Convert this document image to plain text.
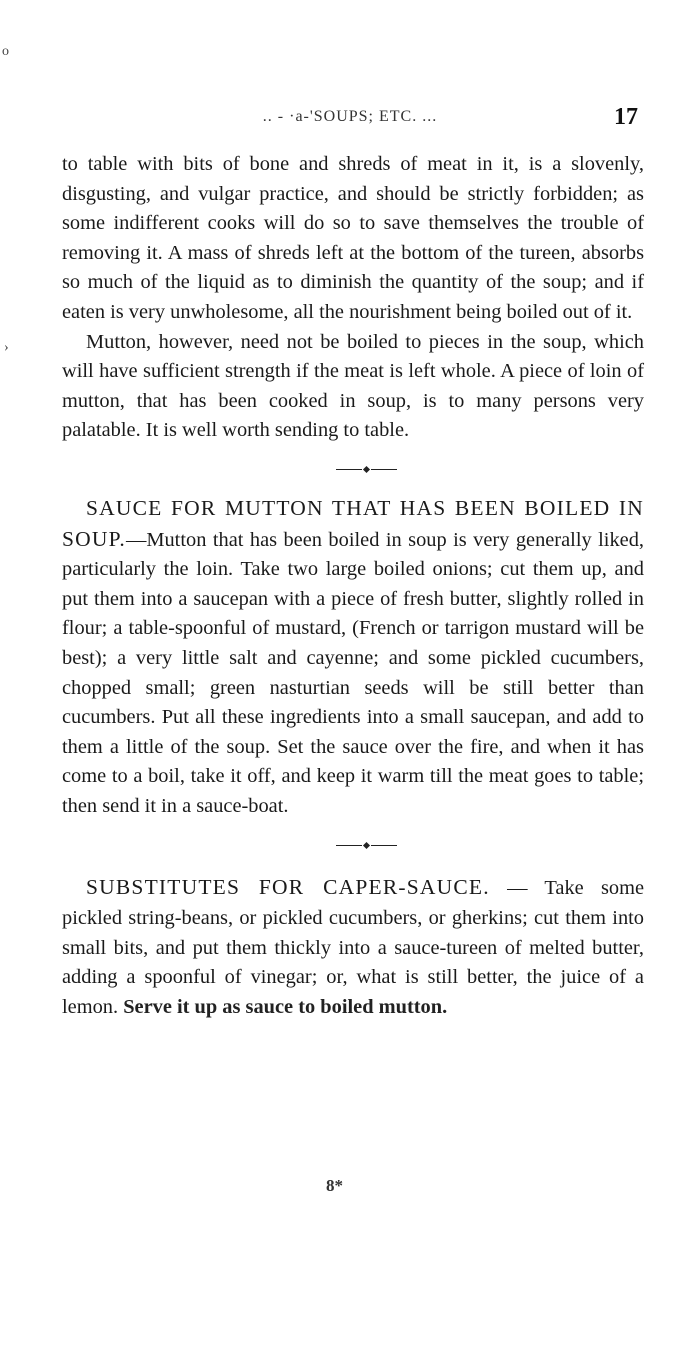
o
›
.. - ·a-'SOUPS; ETC. ...	17

to table with bits of bone and shreds of meat in it, is a slovenly, disgusting, and vulgar practice, and should be strictly forbidden; as some indifferent cooks will do so to save themselves the trouble of removing it. A mass of shreds left at the bottom of the tureen, absorbs so much of the liquid as to diminish the quantity of the soup; and if eaten is very unwholesome, all the nourishment being boiled out of it.

Mutton, however, need not be boiled to pieces in the soup, which will have sufficient strength if the meat is left whole. A piece of loin of mutton, that has been cooked in soup, is to many persons very palatable. It is well worth sending to table.

SAUCE FOR MUTTON THAT HAS BEEN BOILED IN SOUP.—Mutton that has been boiled in soup is very generally liked, particularly the loin. Take two large boiled onions; cut them up, and put them into a saucepan with a piece of fresh butter, slightly rolled in flour; a table-spoonful of mustard, (French or tarrigon mustard will be best); a very little salt and cayenne; and some pickled cucumbers, chopped small; green nasturtian seeds will be still better than cucumbers. Put all these ingredients into a small saucepan, and add to them a little of the soup. Set the sauce over the fire, and when it has come to a boil, take it off, and keep it warm till the meat goes to table; then send it in a sauce-boat.

SUBSTITUTES FOR CAPER-SAUCE. — Take some pickled string-beans, or pickled cucumbers, or gherkins; cut them into small bits, and put them thickly into a sauce-tureen of melted butter, adding a spoonful of vinegar; or, what is still better, the juice of a lemon. Serve it up as sauce to boiled mutton.

8*
